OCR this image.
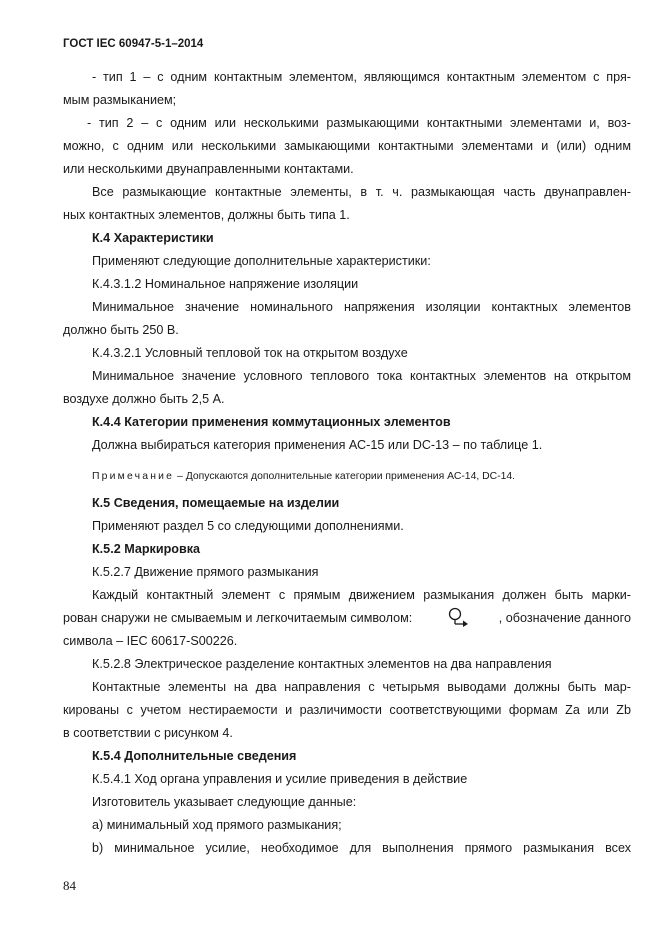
ГОСТ IEC 60947-5-1–2014
- тип 1 – с одним контактным элементом, являющимся контактным элементом с пря-
мым размыканием;
- тип 2 – с одним или несколькими размыкающими контактными элементами и, воз-
можно, с одним или несколькими замыкающими контактными элементами и (или) одним
или несколькими двунаправленными контактами.
Все размыкающие контактные элементы, в т. ч. размыкающая часть двунаправлен-
ных контактных элементов, должны быть типа 1.
К.4 Характеристики
Применяют следующие дополнительные характеристики:
К.4.3.1.2 Номинальное напряжение изоляции
Минимальное значение номинального напряжения изоляции контактных элементов
должно быть 250 В.
К.4.3.2.1 Условный тепловой ток на открытом воздухе
Минимальное значение условного теплового тока контактных элементов на открытом
воздухе должно быть 2,5 А.
К.4.4 Категории применения коммутационных элементов
Должна выбираться категория применения АС-15 или DC-13 – по таблице 1.
Примечание – Допускаются дополнительные категории применения АС-14, DC-14.
К.5 Сведения, помещаемые на изделии
Применяют раздел 5 со следующими дополнениями.
К.5.2 Маркировка
К.5.2.7 Движение прямого размыкания
Каждый контактный элемент с прямым движением размыкания должен быть марки-
рован снаружи не смываемым и легкочитаемым символом:	, обозначение данного
символа – IEC 60617-S00226.
К.5.2.8 Электрическое разделение контактных элементов на два направления
Контактные элементы на два направления с четырьмя выводами должны быть мар-
кированы с учетом нестираемости и различимости соответствующими формам Za или Zb
в соответствии с рисунком 4.
К.5.4 Дополнительные сведения
К.5.4.1 Ход органа управления и усилие приведения в действие
Изготовитель указывает следующие данные:
а) минимальный ход прямого размыкания;
b) минимальное усилие, необходимое для выполнения прямого размыкания всех
84
